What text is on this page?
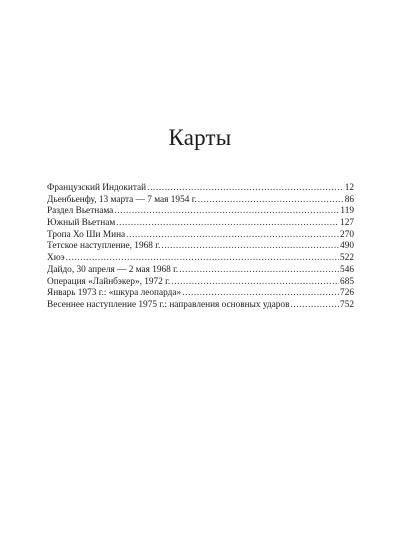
Карты
Французский Индокитай .....	12
Дьенбьенфу, 13 марта — 7 мая 1954 г. .....	86
Раздел Вьетнама .....	119
Южный Вьетнам .....	127
Тропа Хо Ши Мина .....	270
Тетское наступление, 1968 г. .....	490
Хюэ .....	522
Дайдо, 30 апреля — 2 мая 1968 г. .....	546
Операция «Лайнбэкер», 1972 г. .....	685
Январь 1973 г.: «шкура леопарда» .....	726
Весеннее наступление 1975 г.: направления основных ударов .....	752
